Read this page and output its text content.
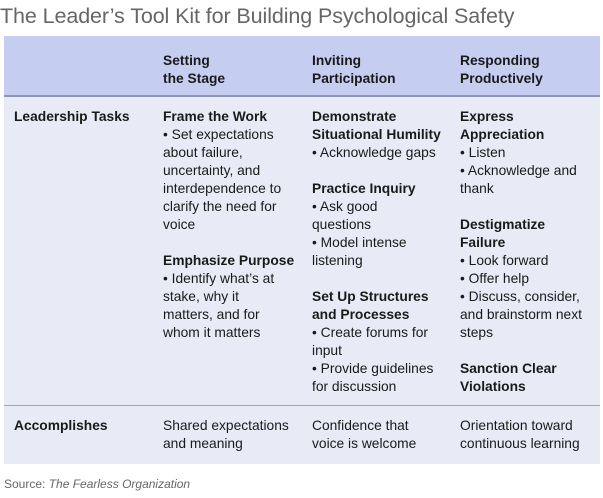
The Leader’s Tool Kit for Building Psychological Safety
Setting
the Stage
Inviting
Participation
Responding
Productively
Leadership Tasks
Accomplishes
Frame the Work
• Set expectations
about failure,
uncertainty, and
interdependence to
clarify the need for
voice
Emphasize Purpose
• Identify what’s at
stake, why it
matters, and for
whom it matters
Demonstrate
Situational Humility
• Acknowledge gaps
Practice Inquiry
• Ask good
questions
• Model intense
listening
Set Up Structures
and Processes
• Create forums for
input
• Provide guidelines
for discussion
Express
Appreciation
• Listen
• Acknowledge and
thank
Destigmatize
Failure
• Look forward
• Offer help
• Discuss, consider,
and brainstorm next
steps
Sanction Clear
Violations
Shared expectations
and meaning
Confidence that
voice is welcome
Orientation toward
continuous learning
Source: The Fearless Organization
